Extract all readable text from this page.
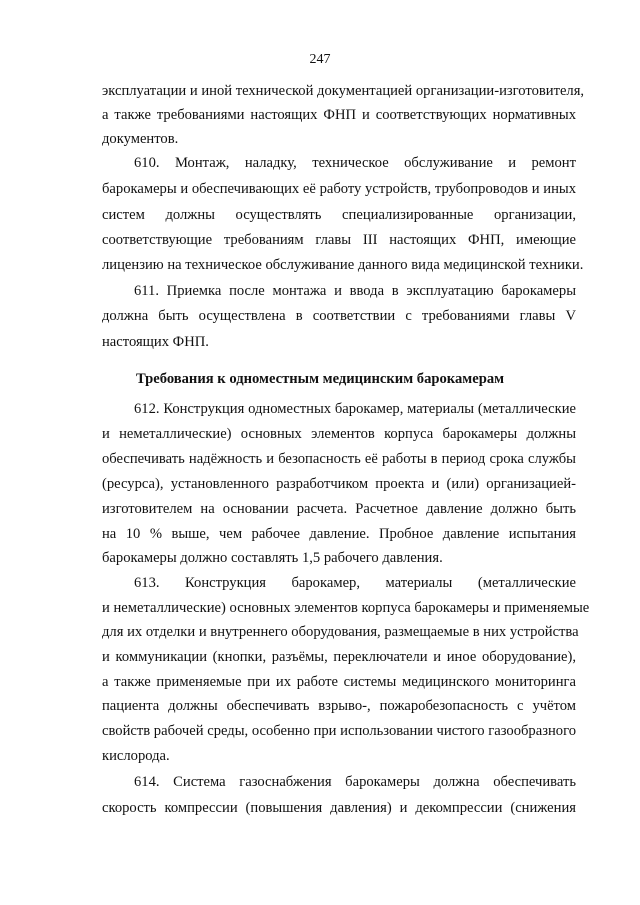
247
эксплуатации и иной технической документацией организации-изготовителя,
а также требованиями настоящих ФНП и соответствующих нормативных
документов.
610. Монтаж, наладку, техническое обслуживание и ремонт
барокамеры и обеспечивающих её работу устройств, трубопроводов и иных
систем должны осуществлять специализированные организации,
соответствующие требованиям главы III настоящих ФНП, имеющие
лицензию на техническое обслуживание данного вида медицинской техники.
611. Приемка после монтажа и ввода в эксплуатацию барокамеры
должна быть осуществлена в соответствии с требованиями главы V
настоящих ФНП.
Требования к одноместным медицинским барокамерам
612. Конструкция одноместных барокамер, материалы (металлические
и неметаллические) основных элементов корпуса барокамеры должны
обеспечивать надёжность и безопасность её работы в период срока службы
(ресурса), установленного разработчиком проекта и (или) организацией-
изготовителем на основании расчета. Расчетное давление должно быть
на 10 % выше, чем рабочее давление. Пробное давление испытания
барокамеры должно составлять 1,5 рабочего давления.
613. Конструкция барокамер, материалы (металлические
и неметаллические) основных элементов корпуса барокамеры и применяемые
для их отделки и внутреннего оборудования, размещаемые в них устройства
и коммуникации (кнопки, разъёмы, переключатели и иное оборудование),
а также применяемые при их работе системы медицинского мониторинга
пациента должны обеспечивать взрыво-, пожаробезопасность с учётом
свойств рабочей среды, особенно при использовании чистого газообразного
кислорода.
614. Система газоснабжения барокамеры должна обеспечивать
скорость компрессии (повышения давления) и декомпрессии (снижения
